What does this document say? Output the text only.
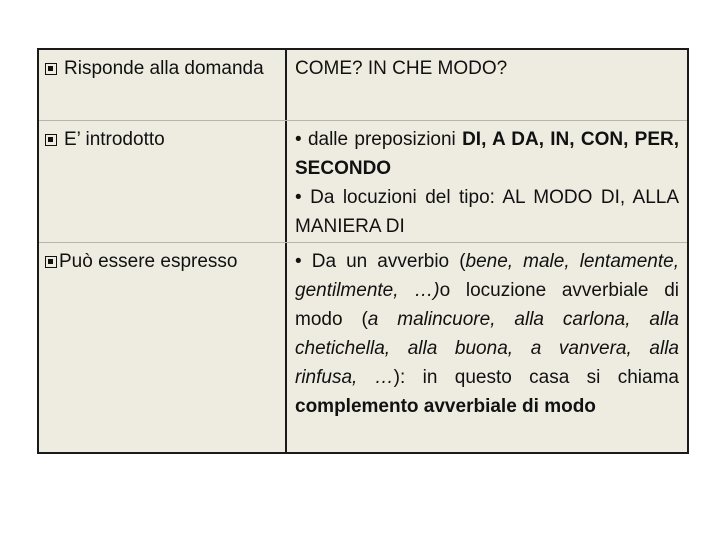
Risponde alla domanda	COME? IN CHE MODO?
E’ introdotto	• dalle preposizioni DI, A DA, IN, CON, PER, SECONDO
• Da locuzioni del tipo: AL MODO DI, ALLA MANIERA DI
Può essere espresso	• Da un avverbio (bene, male, lentamente, gentilmente, …)o locuzione avverbiale di modo (a malincuore, alla carlona, alla chetichella, alla buona, a vanvera, alla rinfusa, …): in questo casa si chiama complemento avverbiale di modo
